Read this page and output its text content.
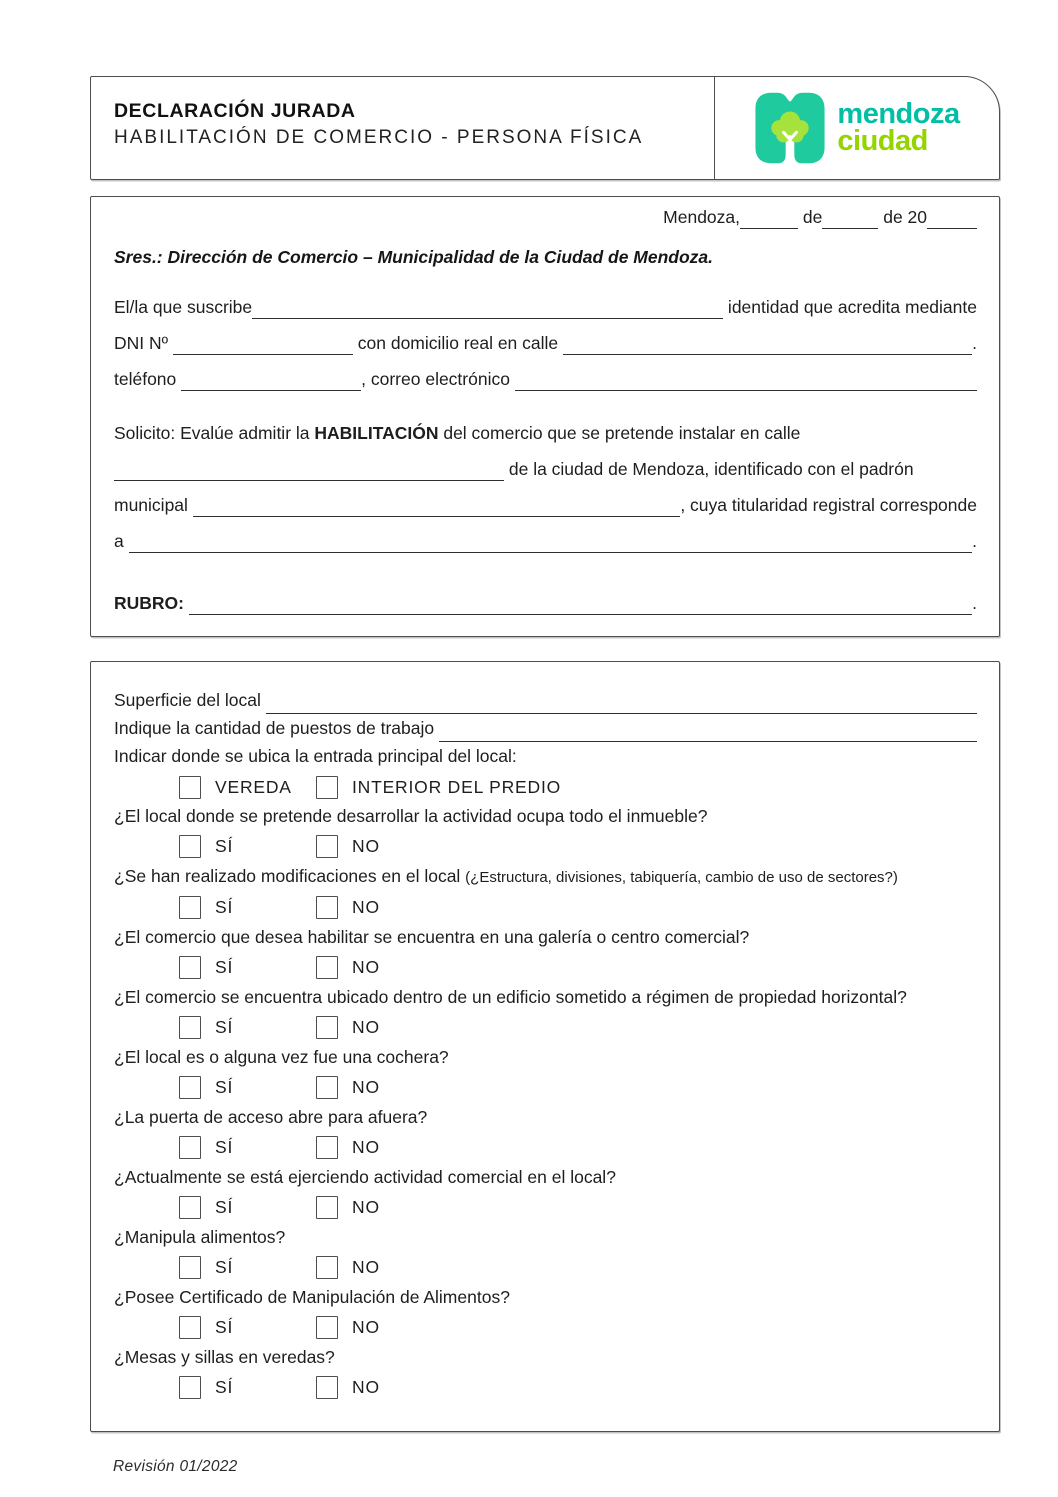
DECLARACIÓN JURADA
HABILITACIÓN DE COMERCIO - PERSONA FÍSICA
mendoza
ciudad
Mendoza,	de	de 20
Sres.: Dirección de Comercio – Municipalidad de la Ciudad de Mendoza.
El/la que suscribe	identidad que acredita mediante
DNI Nº	con domicilio real en calle	.
teléfono	, correo electrónico
Solicito: Evalúe admitir la HABILITACIÓN del comercio que se pretende instalar en calle
de la ciudad de Mendoza, identificado con el padrón
municipal	, cuya titularidad registral corresponde
a	.
RUBRO:	.
Superficie del local
Indique la cantidad de puestos de trabajo
Indicar donde se ubica la entrada principal del local:
VEREDA	INTERIOR DEL PREDIO
¿El local donde se pretende desarrollar la actividad ocupa todo el inmueble?
SÍ	NO
¿Se han realizado modificaciones en el local (¿Estructura, divisiones, tabiquería, cambio de uso de sectores?)
SÍ	NO
¿El comercio que desea habilitar se encuentra en una galería o centro comercial?
SÍ	NO
¿El comercio se encuentra ubicado dentro de un edificio sometido a régimen de propiedad horizontal?
SÍ	NO
¿El local es o alguna vez fue una cochera?
SÍ	NO
¿La puerta de acceso abre para afuera?
SÍ	NO
¿Actualmente se está ejerciendo actividad comercial en el local?
SÍ	NO
¿Manipula alimentos?
SÍ	NO
¿Posee Certificado de Manipulación de Alimentos?
SÍ	NO
¿Mesas y sillas en veredas?
SÍ	NO
Revisión 01/2022
